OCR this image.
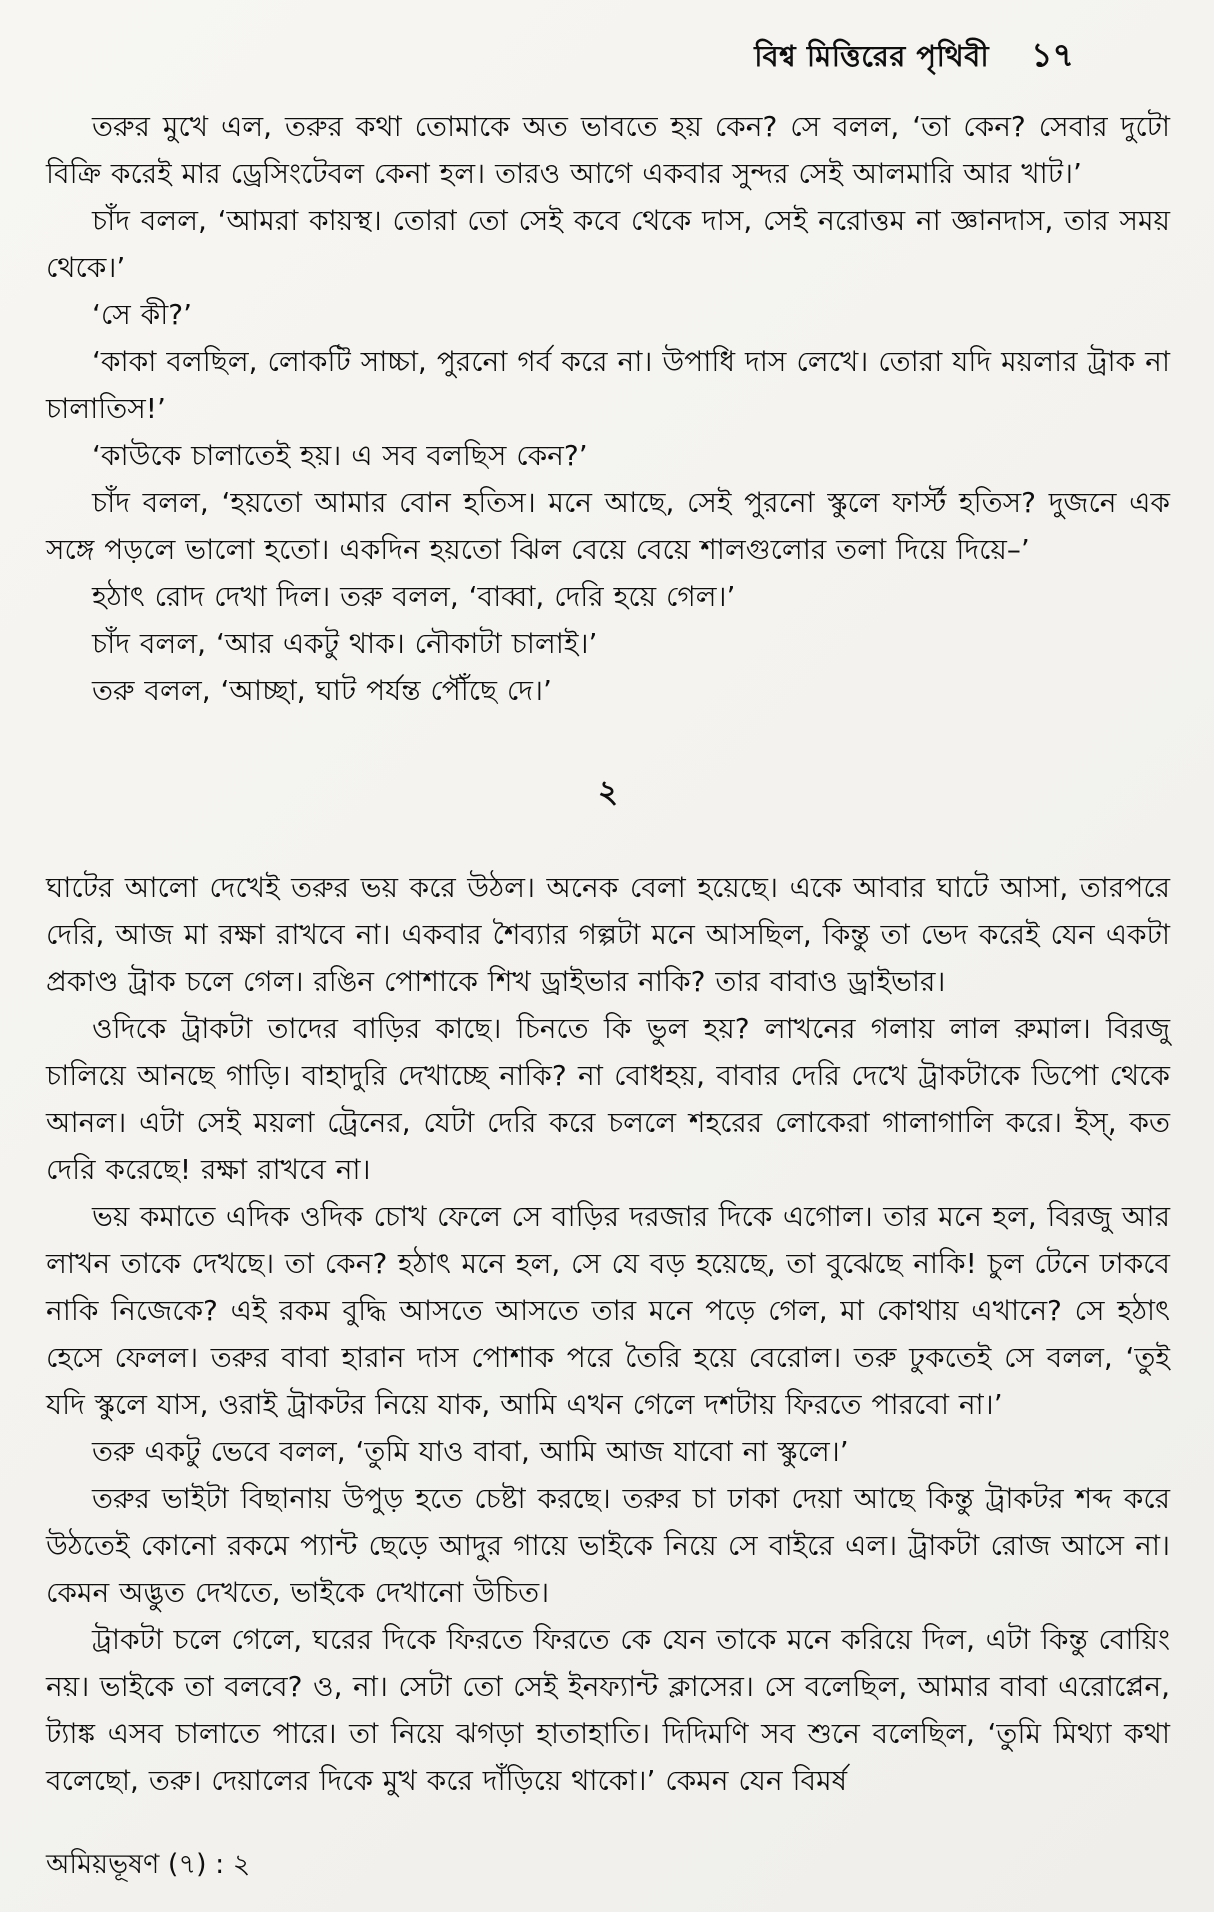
বিশ্ব মিত্তিরের পৃথিবী ১৭

তরুর মুখে এল, তরুর কথা তোমাকে অত ভাবতে হয় কেন? সে বলল, ‘তা কেন? সেবার দুটো বিক্রি করেই মার ড্রেসিংটেবল কেনা হল। তারও আগে একবার সুন্দর সেই আলমারি আর খাট।’

চাঁদ বলল, ‘আমরা কায়স্থ। তোরা তো সেই কবে থেকে দাস, সেই নরোত্তম না জ্ঞানদাস, তার সময় থেকে।’

‘সে কী?’

‘কাকা বলছিল, লোকটি সাচ্চা, পুরনো গর্ব করে না। উপাধি দাস লেখে। তোরা যদি ময়লার ট্রাক না চালাতিস!’

‘কাউকে চালাতেই হয়। এ সব বলছিস কেন?’

চাঁদ বলল, ‘হয়তো আমার বোন হতিস। মনে আছে, সেই পুরনো স্কুলে ফার্স্ট হতিস? দুজনে এক সঙ্গে পড়লে ভালো হতো। একদিন হয়তো ঝিল বেয়ে বেয়ে শালগুলোর তলা দিয়ে দিয়ে–’

হঠাৎ রোদ দেখা দিল। তরু বলল, ‘বাব্বা, দেরি হয়ে গেল।’

চাঁদ বলল, ‘আর একটু থাক। নৌকাটা চালাই।’

তরু বলল, ‘আচ্ছা, ঘাট পর্যন্ত পৌঁছে দে।’

২

ঘাটের আলো দেখেই তরুর ভয় করে উঠল। অনেক বেলা হয়েছে। একে আবার ঘাটে আসা, তারপরে দেরি, আজ মা রক্ষা রাখবে না। একবার শৈব্যার গল্পটা মনে আসছিল, কিন্তু তা ভেদ করেই যেন একটা প্রকাণ্ড ট্রাক চলে গেল। রঙিন পোশাকে শিখ ড্রাইভার নাকি? তার বাবাও ড্রাইভার।

ওদিকে ট্রাকটা তাদের বাড়ির কাছে। চিনতে কি ভুল হয়? লাখনের গলায় লাল রুমাল। বিরজু চালিয়ে আনছে গাড়ি। বাহাদুরি দেখাচ্ছে নাকি? না বোধহয়, বাবার দেরি দেখে ট্রাকটাকে ডিপো থেকে আনল। এটা সেই ময়লা ট্রেনের, যেটা দেরি করে চললে শহরের লোকেরা গালাগালি করে। ইস্, কত দেরি করেছে! রক্ষা রাখবে না।

ভয় কমাতে এদিক ওদিক চোখ ফেলে সে বাড়ির দরজার দিকে এগোল। তার মনে হল, বিরজু আর লাখন তাকে দেখছে। তা কেন? হঠাৎ মনে হল, সে যে বড় হয়েছে, তা বুঝেছে নাকি! চুল টেনে ঢাকবে নাকি নিজেকে? এই রকম বুদ্ধি আসতে আসতে তার মনে পড়ে গেল, মা কোথায় এখানে? সে হঠাৎ হেসে ফেলল। তরুর বাবা হারান দাস পোশাক পরে তৈরি হয়ে বেরোল। তরু ঢুকতেই সে বলল, ‘তুই যদি স্কুলে যাস, ওরাই ট্রাকটর নিয়ে যাক, আমি এখন গেলে দশটায় ফিরতে পারবো না।’

তরু একটু ভেবে বলল, ‘তুমি যাও বাবা, আমি আজ যাবো না স্কুলে।’

তরুর ভাইটা বিছানায় উপুড় হতে চেষ্টা করছে। তরুর চা ঢাকা দেয়া আছে কিন্তু ট্রাকটর শব্দ করে উঠতেই কোনো রকমে প্যান্ট ছেড়ে আদুর গায়ে ভাইকে নিয়ে সে বাইরে এল। ট্রাকটা রোজ আসে না। কেমন অদ্ভুত দেখতে, ভাইকে দেখানো উচিত।

ট্রাকটা চলে গেলে, ঘরের দিকে ফিরতে ফিরতে কে যেন তাকে মনে করিয়ে দিল, এটা কিন্তু বোয়িং নয়। ভাইকে তা বলবে? ও, না। সেটা তো সেই ইনফ্যান্ট ক্লাসের। সে বলেছিল, আমার বাবা এরোপ্লেন, ট্যাঙ্ক এসব চালাতে পারে। তা নিয়ে ঝগড়া হাতাহাতি। দিদিমণি সব শুনে বলেছিল, ‘তুমি মিথ্যা কথা বলেছো, তরু। দেয়ালের দিকে মুখ করে দাঁড়িয়ে থাকো।’ কেমন যেন বিমর্ষ

অমিয়ভূষণ (৭) : ২
